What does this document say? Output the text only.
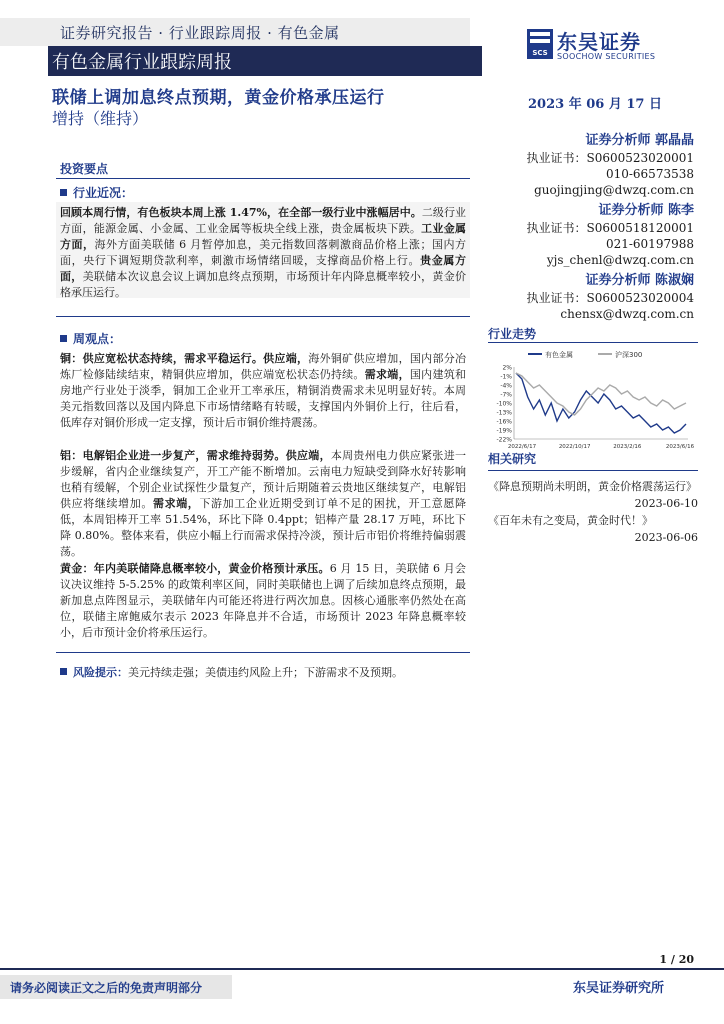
证券研究报告 · 行业跟踪周报 · 有色金属
有色金属行业跟踪周报	SCS 东吴证券
SOOCHOW SECURITIES
联储上调加息终点预期，黄金价格承压运行	2023 年 06 月 17 日
增持（维持）
证券分析师 郭晶晶
执业证书：S0600523020001
010-66573538
guojingjing@dwzq.com.cn
证券分析师 陈李
执业证书：S0600518120001
021-60197988
yjs_chenl@dwzq.com.cn
证券分析师 陈淑娴
执业证书：S0600523020004
chensx@dwzq.com.cn
投资要点
行业近况：
回顾本周行情，有色板块本周上涨 1.47%，在全部一级行业中涨幅居中。二级行业方面，能源金属、小金属、工业金属等板块全线上涨，贵金属板块下跌。工业金属方面，海外方面美联储 6 月暂停加息，美元指数回落刺激商品价格上涨；国内方面，央行下调短期贷款利率，刺激市场情绪回暖，支撑商品价格上行。贵金属方面，美联储本次议息会议上调加息终点预期，市场预计年内降息概率较小，黄金价格承压运行。
周观点：
铜：供应宽松状态持续，需求平稳运行。供应端，海外铜矿供应增加，国内部分冶炼厂检修陆续结束，精铜供应增加，供应端宽松状态仍持续。需求端，国内建筑和房地产行业处于淡季，铜加工企业开工率承压，精铜消费需求未见明显好转。本周美元指数回落以及国内降息下市场情绪略有转暖，支撑国内外铜价上行，往后看，低库存对铜价形成一定支撑，预计后市铜价维持震荡。
铝：电解铝企业进一步复产，需求维持弱势。供应端，本周贵州电力供应紧张进一步缓解，省内企业继续复产，开工产能不断增加。云南电力短缺受到降水好转影响也稍有缓解，个别企业试探性少量复产，预计后期随着云贵地区继续复产，电解铝供应将继续增加。需求端，下游加工企业近期受到订单不足的困扰，开工意愿降低，本周铝棒开工率 51.54%，环比下降 0.4ppt；铝棒产量 28.17 万吨，环比下降 0.80%。整体来看，供应小幅上行而需求保持冷淡，预计后市铝价将维持偏弱震荡。
黄金：年内美联储降息概率较小，黄金价格预计承压。6 月 15 日，美联储 6 月会议决议维持 5-5.25% 的政策利率区间，同时美联储也上调了后续加息终点预期，最新加息点阵图显示，美联储年内可能还将进行两次加息。因核心通胀率仍然处在高位，联储主席鲍威尔表示 2023 年降息并不合适，市场预计 2023 年降息概率较小，后市预计金价将承压运行。
风险提示：美元持续走强；美债违约风险上升；下游需求不及预期。
行业走势
有色金属	沪深300
2%
-1%
-4%
-7%
-10%
-13%
-16%
-19%
-22%
2022/6/17	2022/10/17	2023/2/16	2023/6/16
相关研究
《降息预期尚未明朗，黄金价格震荡运行》
2023-06-10
《百年未有之变局，黄金时代！》
2023-06-06
1 / 20
请务必阅读正文之后的免责声明部分	东吴证券研究所
